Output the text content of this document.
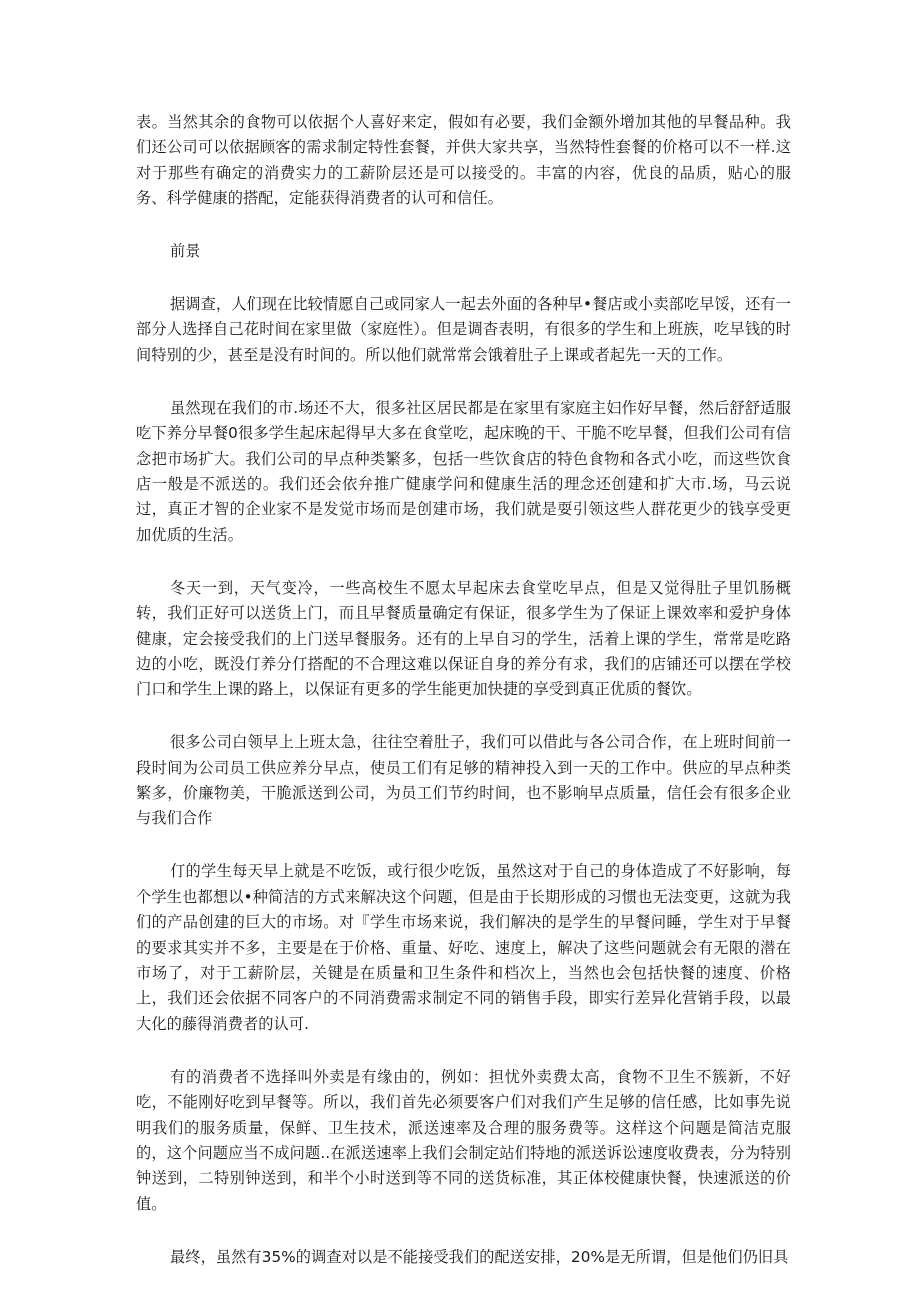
表。当然其余的食物可以依据个人喜好来定，假如有必要，我们金额外增加其他的早餐品种。我们还公司可以依据顾客的需求制定特性套餐，并供大家共享，当然特性套餐的价格可以不一样.这对于那些有确定的消费实力的工薪阶层还是可以接受的。丰富的内容，优良的品质，贴心的服务、科学健康的搭配，定能获得消费者的认可和信任。

前景

据调查，人们现在比较情愿自己或同家人一起去外面的各种早•餐店或小卖部吃早馁，还有一部分人选择自己花时间在家里做（家庭性）。但是调杳表明，有很多的学生和上班族，吃早钱的时间特别的少，甚至是没有时间的。所以他们就常常会饿着肚子上课或者起先一天的工作。

虽然现在我们的市.场还不大，很多社区居民都是在家里有家庭主妇作好早餐，然后舒舒适服吃下养分早餐0很多学生起床起得早大多在食堂吃，起床晚的干、干脆不吃早餐，但我们公司有信念把市场扩大。我们公司的早点种类繁多，包括一些饮食店的特色食物和各式小吃，而这些饮食店一般是不派送的。我们还会依弁推广健康学问和健康生活的理念还创建和扩大市.场，马云说过，真正才智的企业家不是发觉市场而是创建市场，我们就是耍引领这些人群花更少的钱享受更加优质的生活。

冬天一到，天气变冷，一些高校生不愿太早起床去食堂吃早点，但是又觉得肚子里饥肠概转，我们正好可以送货上门，而且早餐质量确定有保证，很多学生为了保证上课效率和爱护身体健康，定会接受我们的上门送早餐服务。还有的上早自习的学生，活着上课的学生，常常是吃路边的小吃，既没仃养分仃搭配的不合理这难以保证自身的养分有求，我们的店铺还可以摆在学校门口和学生上课的路上，以保证有更多的学生能更加快捷的享受到真正优质的餐饮。

很多公司白领早上上班太急，往往空着肚子，我们可以借此与各公司合作，在上班时间前一段时间为公司员工供应养分早点，使员工们有足够的精神投入到一天的工作中。供应的早点种类繁多，价廉物美，干脆派送到公司，为员工们节约时间，也不影响早点质量，信任会有很多企业与我们合作

仃的学生每天早上就是不吃饭，或行很少吃饭，虽然这对于自己的身体造成了不好影响，每个学生也都想以•种简洁的方式来解决这个问题，但是由于长期形成的习惯也无法变更，这就为我们的产品创建的巨大的市场。对『学生市场来说，我们解决的是学生的早餐问睡，学生对于早餐的要求其实并不多，主要是在于价格、重量、好吃、速度上，解决了这些问题就会有无限的潜在市场了，对于工薪阶层，关键是在质量和卫生条件和档次上，当然也会包括快餐的速度、价格上，我们还会依据不同客户的不同消费需求制定不同的销售手段，即实行差异化营销手段，以最大化的藤得消费者的认可.

有的消费者不选择叫外卖是有缘由的，例如：担忧外卖费太高，食物不卫生不簇新，不好吃，不能刚好吃到早餐等。所以，我们首先必须要客户们对我们产生足够的信任感，比如事先说明我们的服务质量，保鲜、卫生技术，派送速率及合理的服务费等。这样这个问题是简洁克服的，这个问题应当不成问题..在派送速率上我们会制定站们特地的派送诉讼速度收费表，分为特别钟送到，二特别钟送到，和半个小时送到等不同的送货标准，其正体校健康快餐，快速派送的价值。

最终，虽然有35%的调查对以是不能接受我们的配送安排，20%是无所谓，但是他们仍旧具
